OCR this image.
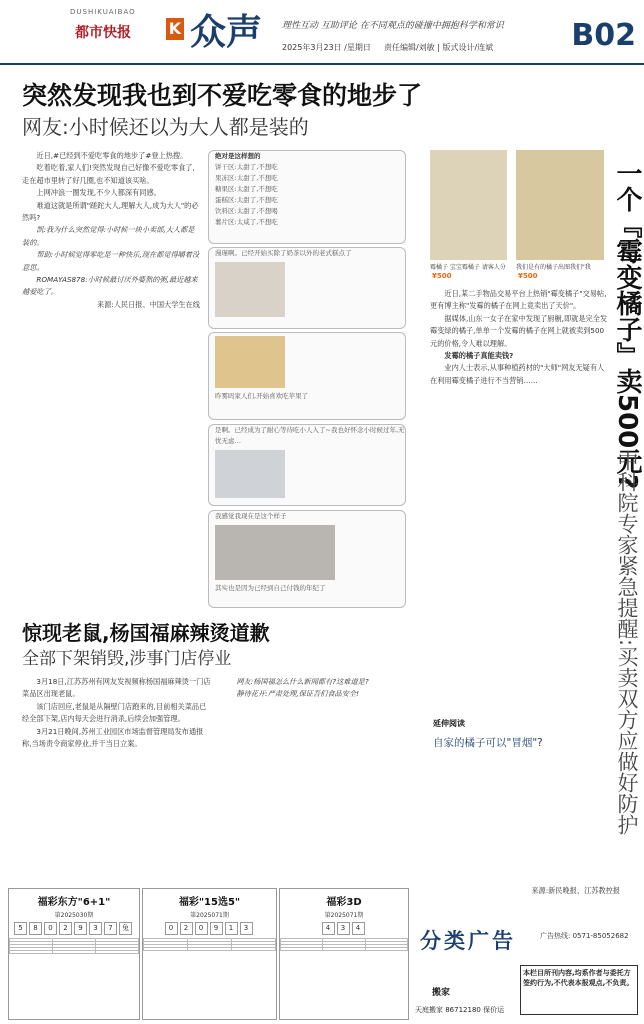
DUSHIKUAIBAO
都市快报 K 众声 理性互动 互助评论 在不同观点的碰撞中拥抱科学和常识
2025年3月23日 /星期日 责任编辑/刘敏 | 版式设计/连斌	B02
突然发现我也到不爱吃零食的地步了
网友:小时候还以为大人都是装的

近日,#已经到不爱吃零食的地步了#登上热搜。

吃着吃着,家人们!突然发现自己好像不爱吃零食了,走在超市里转了好几圈,也不知道该买啥。

上网冲浪一圈发现,不少人都深有同感。

难道这就是所谓"蹉跎大人,理解大人,成为大人"的必然吗?

凯:我为什么突然觉得:小时候一块小卖部,大人都是装的。

帮助:小时候觉得零吃是一种快乐,现在都觉得嚼着没意思。

ROMAYAS878:小时候最讨厌外婆熬的粥,最近越来越爱吃了。

来源:人民日报、中国大学生在线

绝对是这样想的
饼干区:太甜了,不想吃
果冻区:太甜了,不想吃
糖果区:太甜了,不想吃
蛋糕区:太甜了,不想吃
饮料区:太甜了,不想喝
薯片区:太咸了,不想吃
漫瑾啊。已经开始买除了奶茶以外的老式糕点了
昨雾吗家人们,开始喜欢吃苹果了
是啊。已经成为了耐心等待吃小人入了~我也好怀念小时候过年,无忧无虑…
我感觉我现在是这个样子
其实也是因为已经到自己付钱的年纪了
惊现老鼠,杨国福麻辣烫道歉
全部下架销毁,涉事门店停业

3月18日,江苏苏州有网友发视频称杨国福麻辣烫一门店菜品区出现老鼠。

该门店回应,老鼠是从隔壁门店跑来的,目前相关菜品已经全部下架,店内每天会进行消杀,后续会加强管理。

3月21日晚间,苏州工业园区市场监督管理局发布通报称,当场责令商家停业,并干当日立案。

网友:杨国福怎么什么新闻都有?这难道是?

静待花开:严肃处理,保证吾们食品安全!

霉橘子 宝宝霉橘子 请客人分 我们是有的橘子出图我们"我
¥500	¥500	一个『霉变橘子』卖500元?
中科院专家紧急提醒:买卖双方应做好防护

近日,某二手物品交易平台上热销"霉变橘子"交易帖,更有博主称"发霉的橘子在网上竟卖出了天价"。

据媒体,山东一女子在家中发现了厨橱,即就是完全发霉变绿的橘子,单单一个发霉的橘子在网上就被卖到500元的价格,令人难以理解。

发霉的橘子真能卖钱?

业内人士表示,从事种植药材的"大师"网友无疑有人在利用霉变橘子进行不当营销……

延伸阅读
自家的橘子可以"冒烟"?
来源:新民晚报、江苏教控报
福彩东方"6+1"
第2025030期
5 8 0 2 9 3 7 兔

福彩"15选5"
第2025071期
0 2 0 9 1 3

福彩3D
第2025071期
4 3 4

分类广告	广告热线: 0571-85052682
搬家
天庭搬家 86712180 保价运
本栏目所刊内容,均系作者与委托方签约行为,不代表本报观点,不负责。
